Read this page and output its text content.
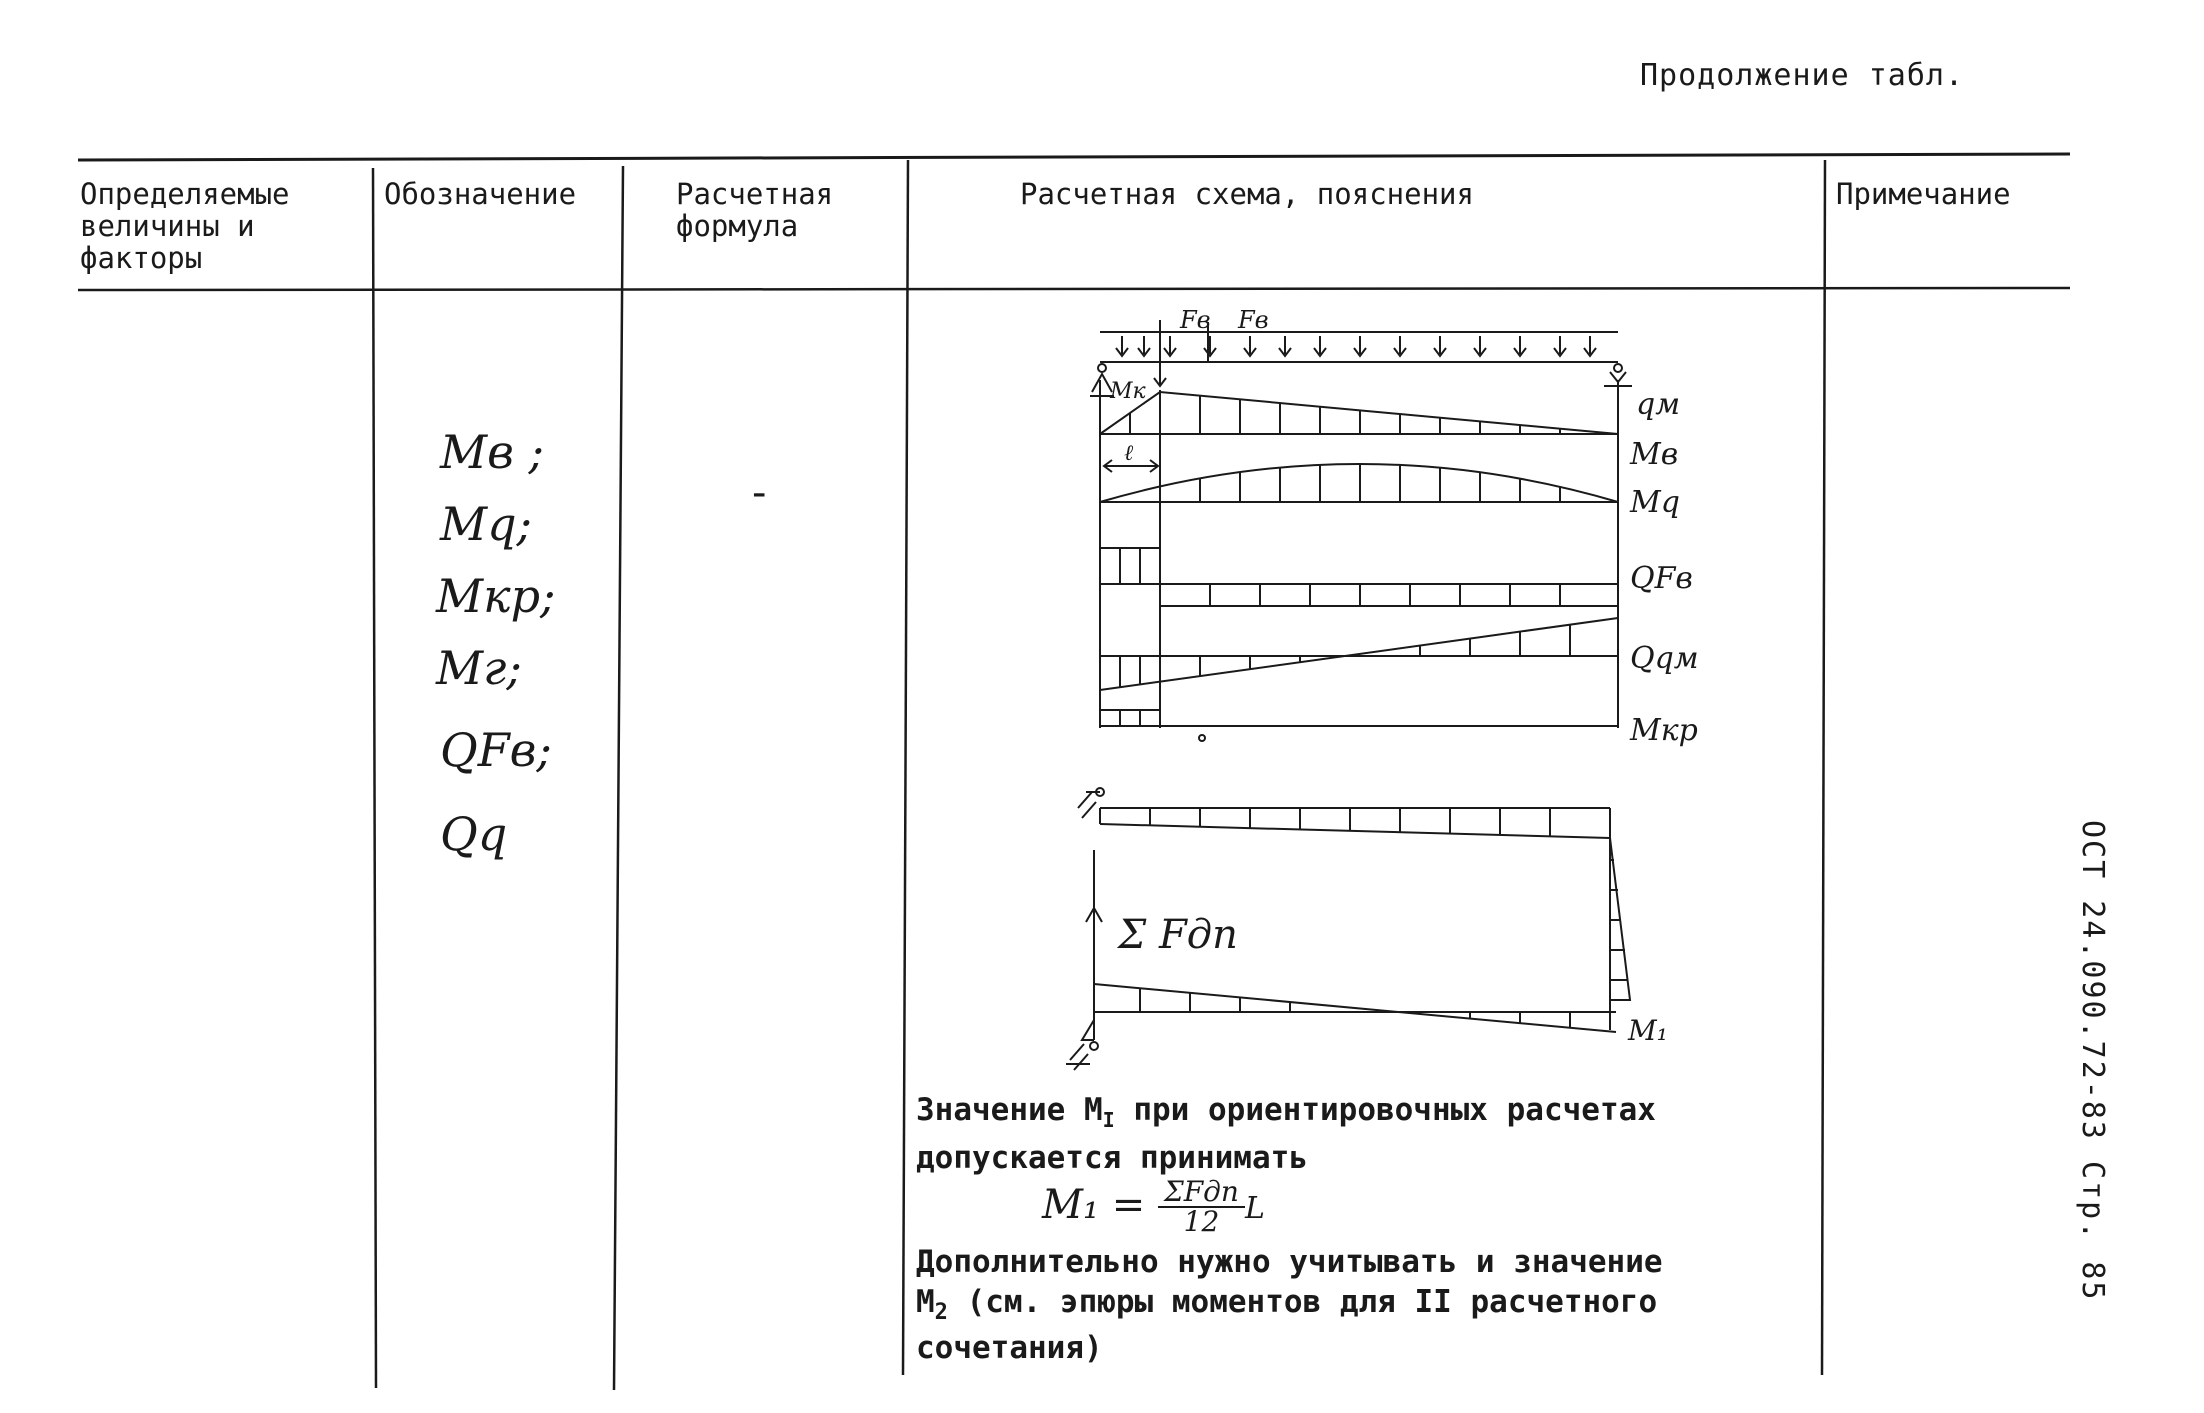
Продолжение табл.
Определяемые
величины и
факторы
Обозначение	Расчетная
формула
Расчетная схема, пояснения	Примечание
Mв ;
Mq;
Mкр;
Mг;
QFв;
Qq
-
Fв Fв
Mк
ℓ
qм
Mв
Mq
QFв
Qqм
Mкр
Σ Fдп
M₁
Значение $M_I$ при ориентировочных расчетах
допускается принимать
M₁ = ΣFдп
12 L
Дополнительно нужно учитывать и значение
$M_2$ (см. эпюры моментов для II расчетного
сочетания)
ОСТ 24.090.72-83 Стр. 85
